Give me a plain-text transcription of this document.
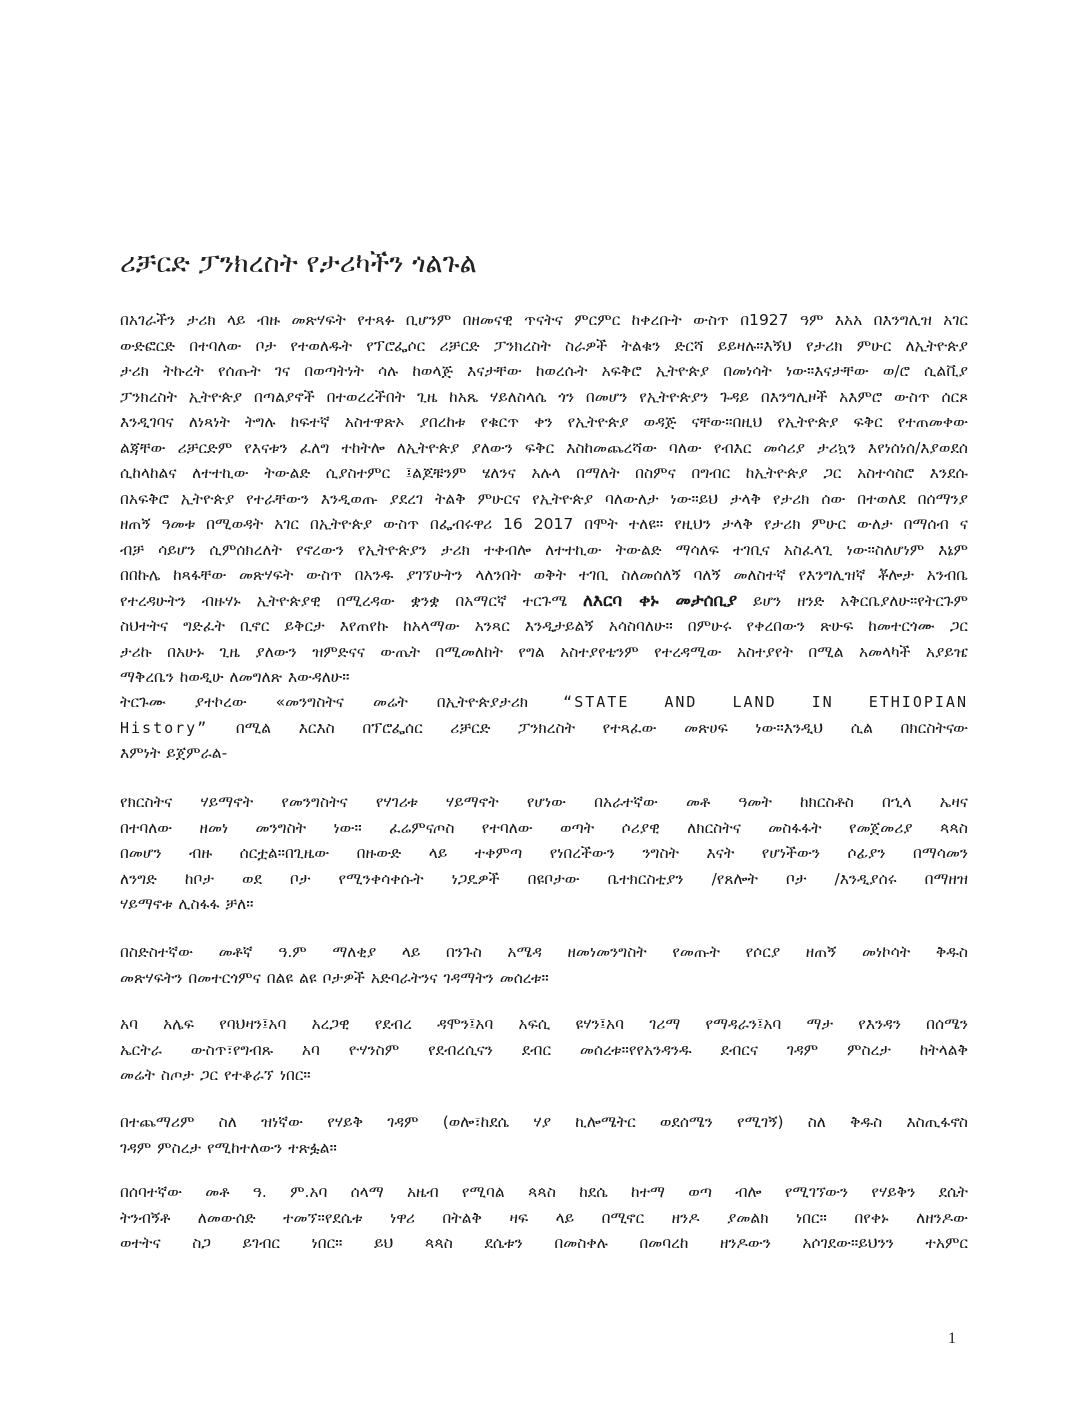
ሪቻርድ ፓንክረስት የታሪካችን ጎልጉል
በአገራችን ታሪክ ላይ ብዙ መጽሃፍት የተጻፉ ቢሆንም በዘመናዊ ጥናትና ምርምር ከቀረቡት ውስጥ በ1927 ዓም እአአ በእንግሊዝ አገር
ውድፎርድ በተባለው ቦታ የተወለዱት የፕሮፌሶር ሪቻርድ ፓንክረስት ስራዎች ትልቁን ድርሻ ይይዛሉ።እኝህ የታሪክ ምሁር ለኢትዮጵያ
ታሪክ ትኩረት የሰጡት ገና በወጣትነት ሳሉ ከወላጅ እናታቸው ከወረሱት አፍቅሮ ኢትዮጵያ በመነሳት ነው።እናታቸው ወ/ሮ ሲልቪያ
ፓንክረስት ኢትዮጵያ በጣልያኖች በተወረረችበት ጊዜ ከአጼ ሃይለስላሴ ጎን በመሆን የኢትዮጵያን ጉዳይ በእንግሊዞች አእምሮ ውስጥ ሰርጾ
እንዲገባና ለነጻነት ትግሉ ከፍተኛ አስተዋጽኦ ያበረከቱ የቁርጥ ቀን የኢትዮጵያ ወዳጅ ናቸው።በዚህ የኢትዮጵያ ፍቅር የተጠመቀው
ልጃቸው ሪቻርድም የእናቱን ፈለግ ተከትሎ ለኢትዮጵያ ያለውን ፍቅር እስከመጨረሻው ባለው የብእር መሳሪያ ታሪኳን እየነሰነሰ/እያወደሰ
ሲከላከልና ለተተኪው ትውልድ ሲያስተምር ፤ልጆቹንም ሄለንና አሉላ በማለት በስምና በግብር ከኢትዮጵያ ጋር አስተሳስሮ እንደሱ
በአፍቅሮ ኢትዮጵያ የተራቸውን እንዲወጡ ያደረገ ትልቅ ምሁርና የኢትዮጵያ ባለውለታ ነው።ይህ ታላቅ የታሪክ ሰው በተወለደ በሰማንያ
ዘጠኝ ዓመቱ በሚወዳት አገር በኢትዮጵያ ውስጥ በፌብሩዋሪ 16 2017 በሞት ተለዩ። የዚህን ታላቅ የታሪክ ምሁር ውለታ በማሰብ ና
ብቻ ሳይሆን ሲምሰክረለት የኖረውን የኢትዮጵያን ታሪክ ተቀብሎ ለተተኪው ትውልድ ማሳለፍ ተገቢና አስፈላጊ ነው።ስለሆነም እኔም
በበኩሌ ከጻፋቸው መጽሃፍት ውስጥ በአንዱ ያገኘሁትን ላለንበት ወቅት ተገቢ ስለመሰለኝ ባለኝ መለስተኛ የእንግሊዝኛ ቾሎታ አንብቤ
የተረዳሁትን ብዙሃኑ ኢትዮጵያዊ በሚረዳው ቋንቋ በአማርኛ ተርጉሜ ለእርባ ቀኑ መታሰቢያ ይሆን ዘንድ አቅርቤያለሁ።የትርጉም
ስህተትና ግድፈት ቢኖር ይቅርታ እየጠየኩ ከአላማው አንጻር እንዲታይልኝ አሳስባለሁ። በምሁሩ የቀረበውን ጽሁፍ ከመተርጎሙ ጋር
ታሪኩ በአሁኑ ጊዜ ያለውን ዝምድናና ውጤት በሚመለከት የግል አስተያየቴንም የተረዳሚው አስተያየት በሚል አመላካች አያይዤ
ማቅረቤን ከወዲሁ ለመግለጽ እውዳለሁ።
ትርጉሙ ያተኮረው «መንግስትና መሬት በኢትዮጵያታሪክ “STATE AND LAND IN ETHIOPIAN
History” በሚል እርእስ በፕሮፌሰር ሪቻርድ ፓንክረስት የተጻፈው መጽሀፍ ነው።እንዲህ ሲል በክርስትናው
እምነት ይጀምራል-
የክርስትና ሃይማኖት የመንግስትና የሃገሪቱ ሃይማኖት የሆነው በአራተኛው መቶ ዓመት ከክርስቶስ በኂላ ኤዛና
በተባለው ዘመነ መንግስት ነው። ፈሬምናጦስ የተባለው ወጣት ሶሪያዊ ለክርስትና መስፋፋት የመጀመሪያ ጳጳስ
በመሆን ብዙ ሰርቷል።በጊዜው በዙውድ ላይ ተቀምጣ የነበረችውን ንግስት እናት የሆነችውን ሶፊያን በማሳመን
ለንግድ ከቦታ ወደ ቦታ የሚንቀሳቀሱት ነጋዴዎች በዩቦታው ቤተክርስቲያን /የጸሎት ቦታ /እንዲያሰሩ በማዘዝ
ሃይማኖቱ ሊስፋፋ ቻለ።
በስድስተኛው መቶኛ ዓ.ም ማለቂያ ላይ በንጉስ አሜዳ ዘመነመንግስት የመጡት የሶርያ ዘጠኝ መነኮሳት ቅዱስ
መጽሃፍትን በመተርጎምና በልዩ ልዩ ቦታዎች አድባራትንና ገዳማትን መሰረቱ።
አባ አሌፍ የባህዛን፤አባ አረጋዊ የደብረ ዳሞን፤አባ አፍሲ ዩሃን፤አባ ገሪማ የማዳራን፤አባ ማታ የእንዳን በሰሜን
ኤርትራ ውስጥ፣የግብጹ አባ ዮሃንስም የደብረሲናን ደብር መሰረቱ።የየአንዳንዱ ደብርና ገዳም ምስረታ ከትላልቅ
መሬት ስጦታ ጋር የተቆራኘ ነበር።
በተጨማሪም ስለ ዝነኛው የሃይቅ ገዳም (ወሎ፣ከደሴ ሃያ ኪሎሜትር ወደሰሜን የሚገኝ) ስለ ቅዱስ እስጢፋኖስ
ገዳም ምስረታ የሚከተለውን ተጽፏል።
በሰባተኛው መቶ ዓ. ም.አባ ሰላማ አዜብ የሚባል ጳጳስ ከደሴ ከተማ ወጣ ብሎ የሚገኘውን የሃይቅን ደሴት
ትንብኝቶ ለመውሰድ ተመኘ።የደሴቱ ነዋሪ በትልቅ ዛፍ ላይ በሚኖር ዘንዶ ያመልክ ነበር። በየቀኑ ለዘንዶው
ወተትና ስጋ ይገብር ነበር። ይህ ጳጳስ ደሴቱን በመስቀሉ በመባረከ ዘንዶውን አሶገደው።ይህንን ተአምር
1
